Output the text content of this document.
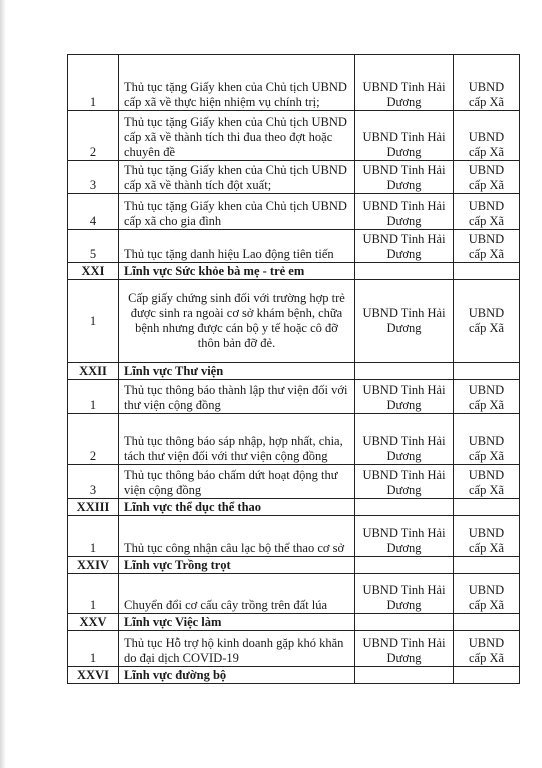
1	Thủ tục tặng Giấy khen của Chủ tịch UBND cấp xã về thực hiện nhiệm vụ chính trị;	UBND Tỉnh Hải Dương	UBND cấp Xã
2	Thủ tục tặng Giấy khen của Chủ tịch UBND cấp xã về thành tích thi đua theo đợt hoặc chuyên đề	UBND Tỉnh Hải Dương	UBND cấp Xã
3	Thủ tục tặng Giấy khen của Chủ tịch UBND cấp xã về thành tích đột xuất;	UBND Tỉnh Hải Dương	UBND cấp Xã
4	Thủ tục tặng Giấy khen của Chủ tịch UBND cấp xã cho gia đình	UBND Tỉnh Hải Dương	UBND cấp Xã
5	Thủ tục tặng danh hiệu Lao động tiên tiến	UBND Tỉnh Hải Dương	UBND cấp Xã
XXI	Lĩnh vực Sức khỏe bà mẹ - trẻ em		
1	Cấp giấy chứng sinh đối với trường hợp trẻ được sinh ra ngoài cơ sở khám bệnh, chữa bệnh nhưng được cán bộ y tế hoặc cô đỡ thôn bản đỡ đẻ.	UBND Tỉnh Hải Dương	UBND cấp Xã
XXII	Lĩnh vực Thư viện		
1	Thủ tục thông báo thành lập thư viện đối với thư viện cộng đồng	UBND Tỉnh Hải Dương	UBND cấp Xã
2	Thủ tục thông báo sáp nhập, hợp nhất, chia, tách thư viện đối với thư viện cộng đồng	UBND Tỉnh Hải Dương	UBND cấp Xã
3	Thủ tục thông báo chấm dứt hoạt động thư viện cộng đồng	UBND Tỉnh Hải Dương	UBND cấp Xã
XXIII	Lĩnh vực thể dục thể thao		
1	Thủ tục công nhận câu lạc bộ thể thao cơ sở	UBND Tỉnh Hải Dương	UBND cấp Xã
XXIV	Lĩnh vực Trồng trọt		
1	Chuyển đổi cơ cấu cây trồng trên đất lúa	UBND Tỉnh Hải Dương	UBND cấp Xã
XXV	Lĩnh vực Việc làm		
1	Thủ tục Hỗ trợ hộ kinh doanh gặp khó khăn do đại dịch COVID-19	UBND Tỉnh Hải Dương	UBND cấp Xã
XXVI	Lĩnh vực đường bộ		
